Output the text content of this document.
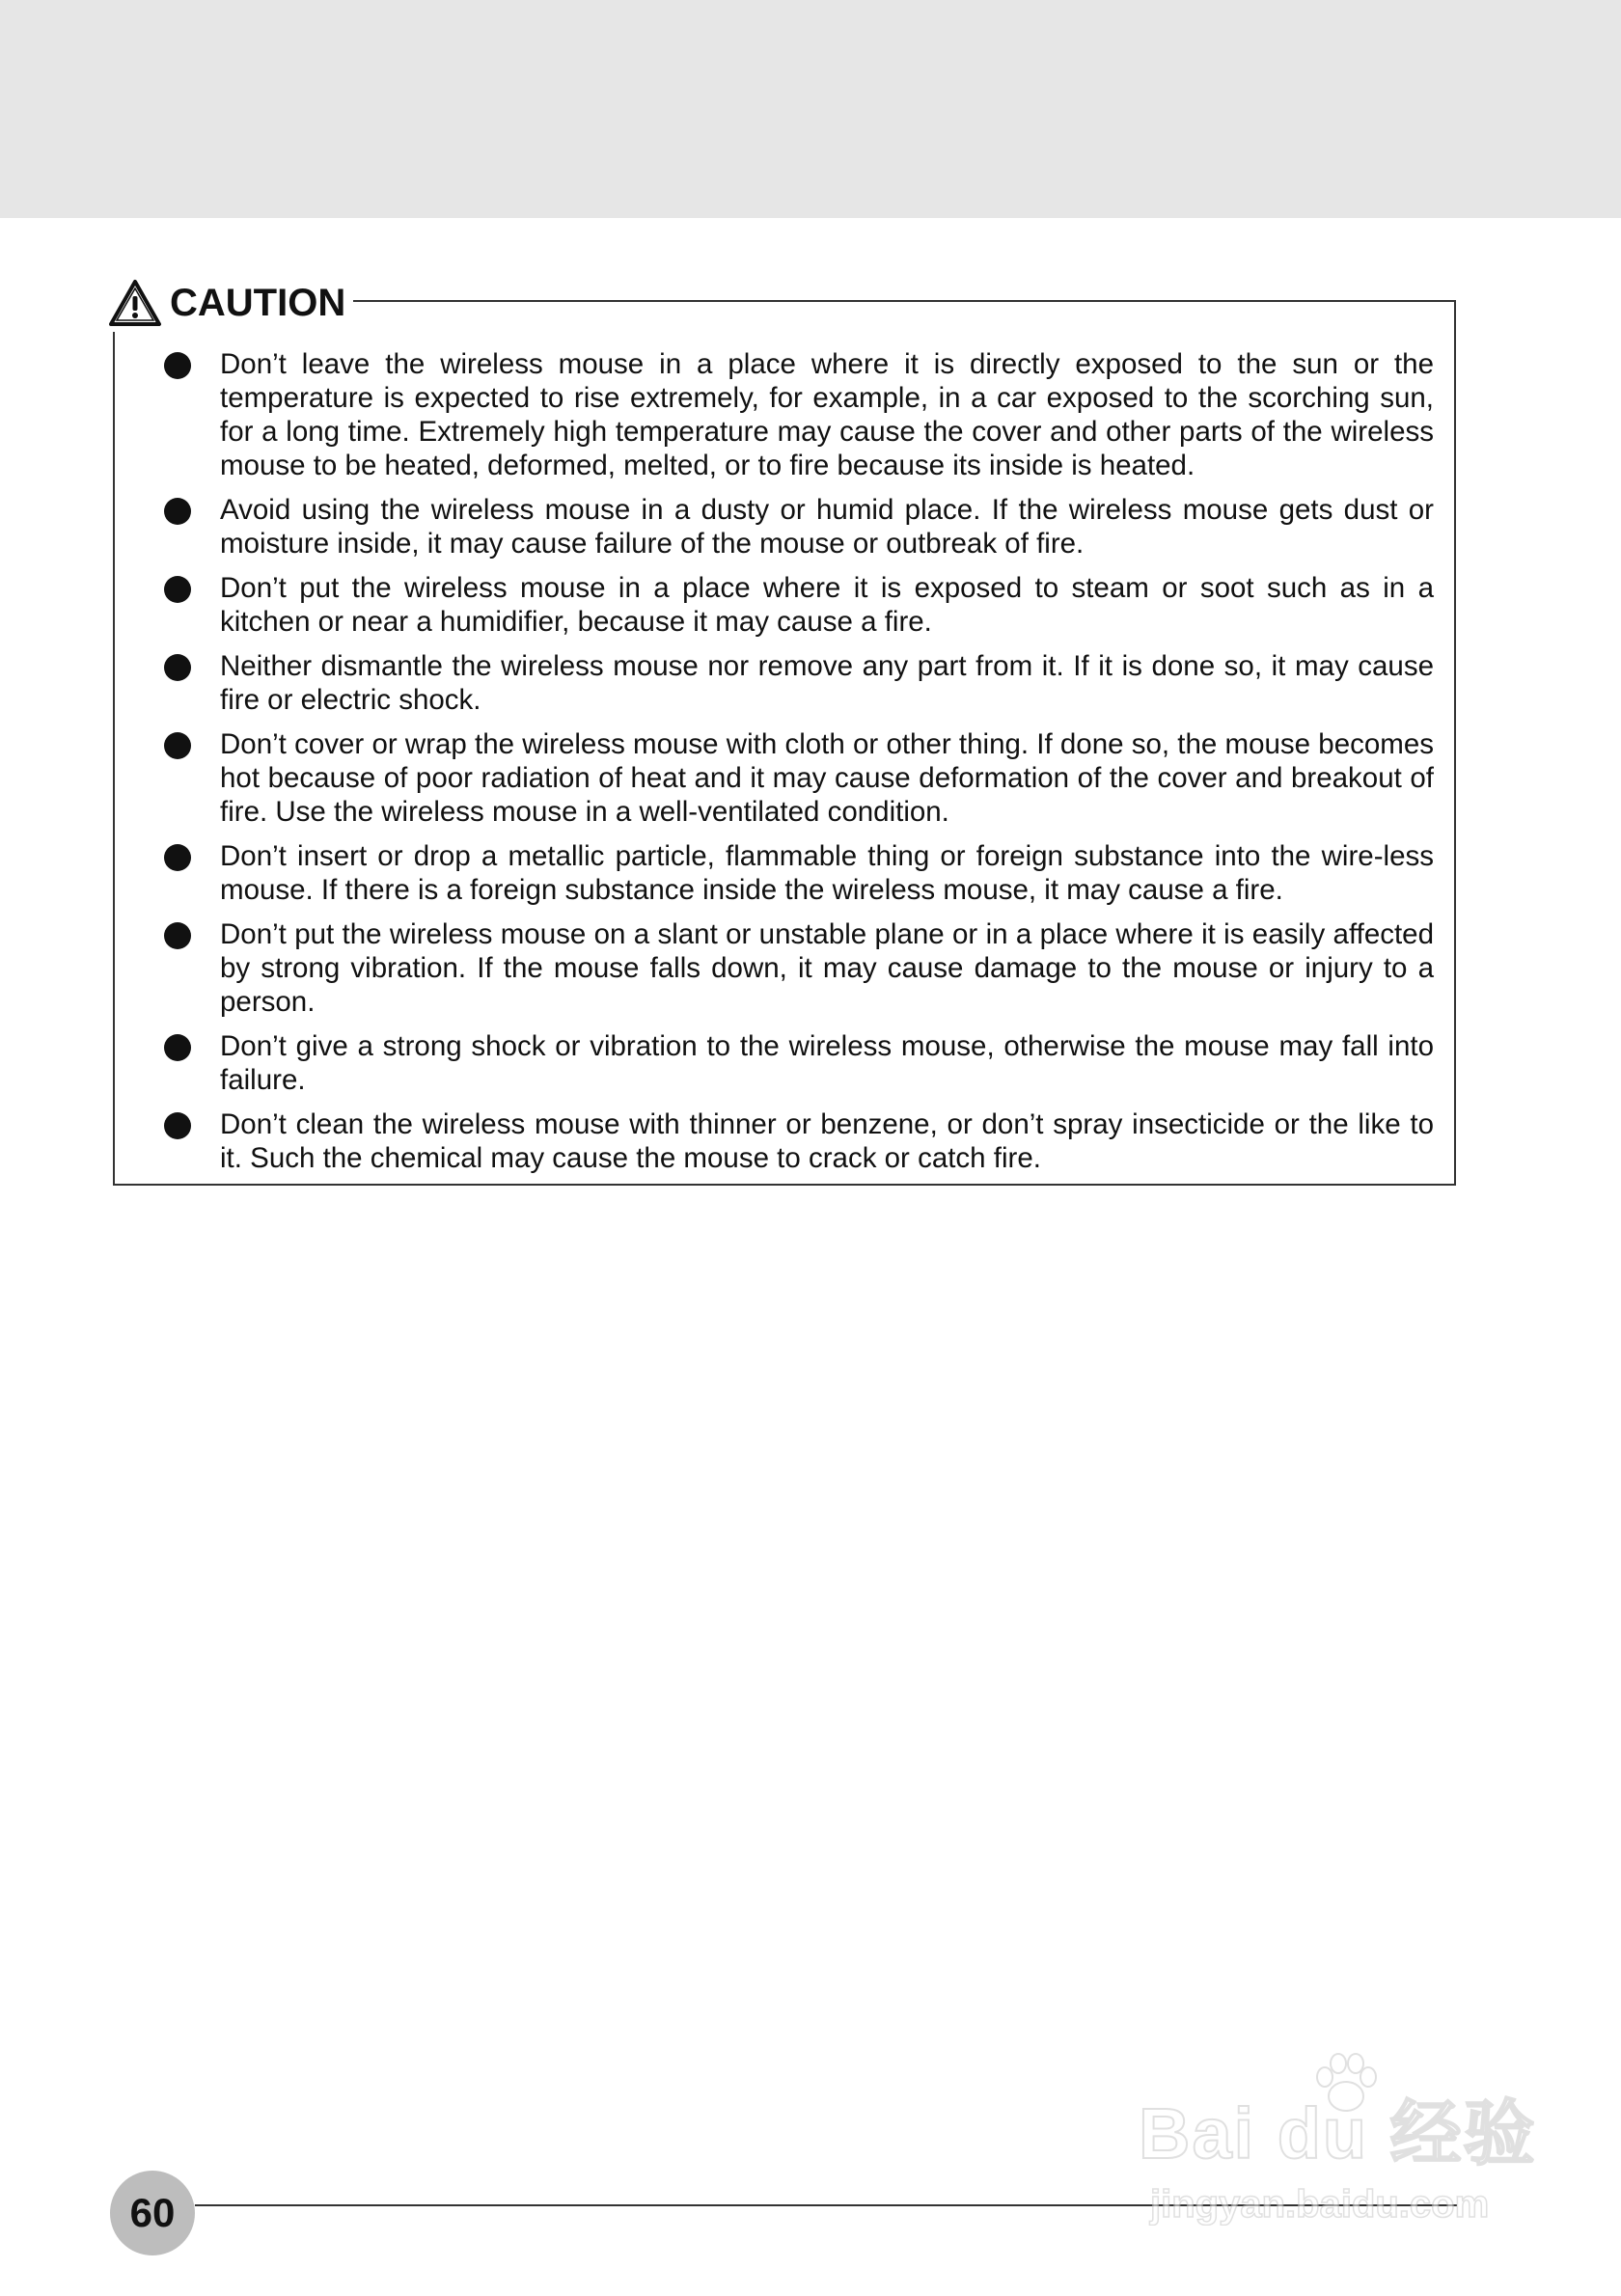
CAUTION
Don’t leave the wireless mouse in a place where it is directly exposed to the sun or the temperature is expected to rise extremely, for example, in a car exposed to the scorching sun, for a long time. Extremely high temperature may cause the cover and other parts of the wireless mouse to be heated, deformed, melted, or to fire because its inside is heated.
Avoid using the wireless mouse in a dusty or humid place. If the wireless mouse gets dust or moisture inside, it may cause failure of the mouse or outbreak of fire.
Don’t put the wireless mouse in a place where it is exposed to steam or soot such as in a kitchen or near a humidifier, because it may cause a fire.
Neither dismantle the wireless mouse nor remove any part from it. If it is done so, it may cause fire or electric shock.
Don’t cover or wrap the wireless mouse with cloth or other thing. If done so, the mouse becomes hot because of poor radiation of heat and it may cause deformation of the cover and breakout of fire. Use the wireless mouse in a well-ventilated condition.
Don’t insert or drop a metallic particle, flammable thing or foreign substance into the wire-less mouse. If there is a foreign substance inside the wireless mouse, it may cause a fire.
Don’t put the wireless mouse on a slant or unstable plane or in a place where it is easily affected by strong vibration. If the mouse falls down, it may cause damage to the mouse or injury to a person.
Don’t give a strong shock or vibration to the wireless mouse, otherwise the mouse may fall into failure.
Don’t clean the wireless mouse with thinner or benzene, or don’t spray insecticide or the like to it. Such the chemical may cause the mouse to crack or catch fire.
60
Bai du 经验
jingyan.baidu.com
